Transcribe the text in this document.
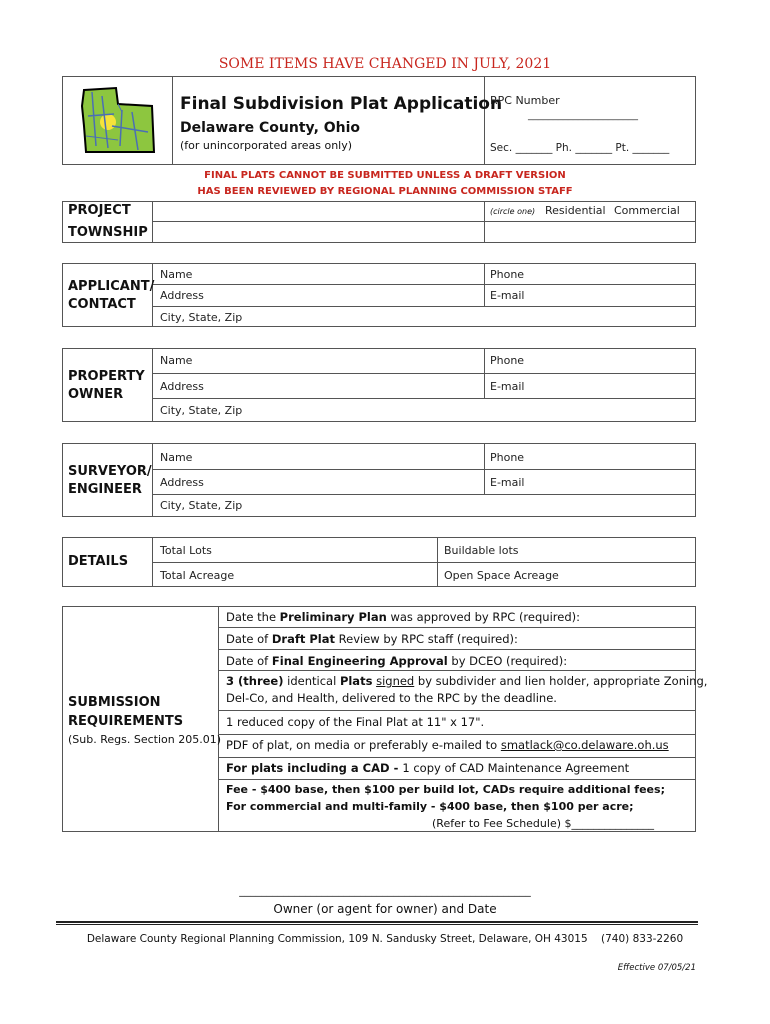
SOME ITEMS HAVE CHANGED IN JULY, 2021
Final Subdivision Plat Application
Delaware County, Ohio
(for unincorporated areas only)
RPC Number
______________________
Sec. _______ Ph. _______ Pt. _______
FINAL PLATS CANNOT BE SUBMITTED UNLESS A DRAFT VERSION
HAS BEEN REVIEWED BY REGIONAL PLANNING COMMISSION STAFF
PROJECT
TOWNSHIP
(circle one) Residential Commercial
APPLICANT/
CONTACT
Name	Phone
Address	E-mail
City, State, Zip
PROPERTY
OWNER
Name	Phone
Address	E-mail
City, State, Zip
SURVEYOR/
ENGINEER
Name	Phone
Address	E-mail
City, State, Zip
DETAILS
Total Lots	Buildable lots
Total Acreage	Open Space Acreage
SUBMISSION
REQUIREMENTS
(Sub. Regs. Section 205.01)
Date the Preliminary Plan was approved by RPC (required):
Date of Draft Plat Review by RPC staff (required):
Date of Final Engineering Approval by DCEO (required):
3 (three) identical Plats signed by subdivider and lien holder, appropriate Zoning,
Del-Co, and Health, delivered to the RPC by the deadline.
1 reduced copy of the Final Plat at 11" x 17".
PDF of plat, on media or preferably e-mailed to smatlack@co.delaware.oh.us
For plats including a CAD - 1 copy of CAD Maintenance Agreement
Fee - $400 base, then $100 per build lot, CADs require additional fees;
For commercial and multi-family - $400 base, then $100 per acre;
(Refer to Fee Schedule) $_______________
_____________________________________________________
Owner (or agent for owner) and Date
Delaware County Regional Planning Commission, 109 N. Sandusky Street, Delaware, OH 43015    (740) 833-2260
Effective 07/05/21
